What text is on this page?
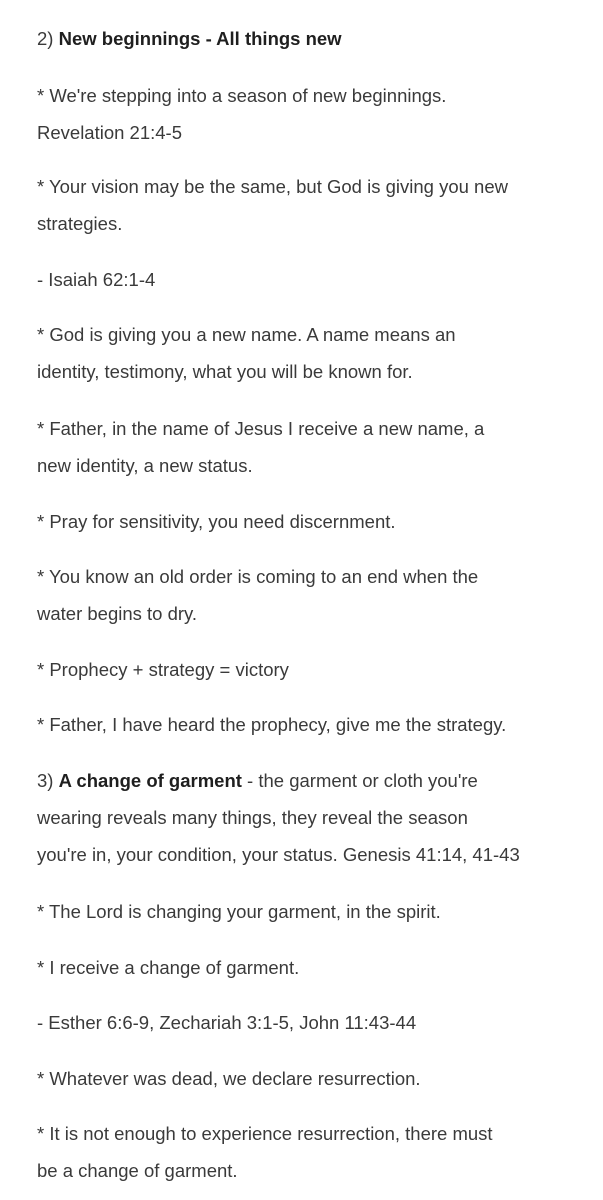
2) New beginnings - All things new

* We're stepping into a season of new beginnings.
Revelation 21:4-5

* Your vision may be the same, but God is giving you new
strategies.

- Isaiah 62:1-4

* God is giving you a new name. A name means an
identity, testimony, what you will be known for.

* Father, in the name of Jesus I receive a new name, a
new identity, a new status.

* Pray for sensitivity, you need discernment.

* You know an old order is coming to an end when the
water begins to dry.

* Prophecy + strategy = victory

* Father, I have heard the prophecy, give me the strategy.

3) A change of garment - the garment or cloth you're
wearing reveals many things, they reveal the season
you're in, your condition, your status. Genesis 41:14, 41-43

* The Lord is changing your garment, in the spirit.

* I receive a change of garment.

- Esther 6:6-9, Zechariah 3:1-5, John 11:43-44

* Whatever was dead, we declare resurrection.

* It is not enough to experience resurrection, there must
be a change of garment.
